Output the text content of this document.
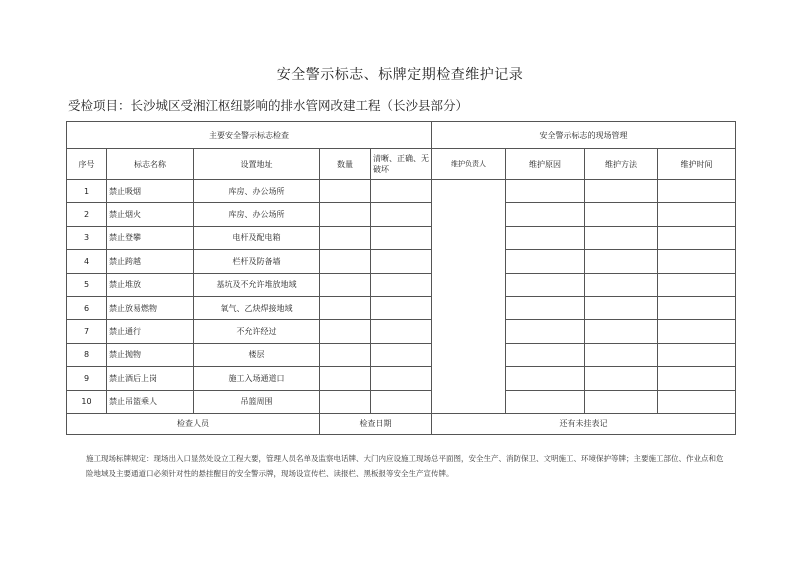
安全警示标志、标牌定期检查维护记录
受检项目：长沙城区受湘江枢纽影响的排水管网改建工程（长沙县部分）
主要安全警示标志检查					安全警示标志的现场管理			
序号	标志名称	设置地址	数量	清晰、正确、无破坏	维护负责人	维护原因	维护方法	维护时间
1	禁止吸烟	库房、办公场所						
2	禁止烟火	库房、办公场所						
3	禁止登攀	电杆及配电箱						
4	禁止跨越	栏杆及防备墙						
5	禁止堆放	基坑及不允许堆放地域						
6	禁止放易燃物	氧气、乙炔焊接地域						
7	禁止通行	不允许经过						
8	禁止抛物	楼层						
9	禁止酒后上岗	施工入场通道口						
10	禁止吊篮乘人	吊篮周围						
检查人员			检查日期		还有未挂表记			
施工现场标牌规定：现场出入口显然处设立工程大要，管理人员名单及监察电话牌、大门内应设施工现场总平面图，安全生产、消防保卫、文明施工、环境保护等牌；主要施工部位、作业点和危险地域及主要通道口必须针对性的悬挂醒目的安全警示牌，现场设宣传栏、读报栏、黑板报等安全生产宣传牌。
